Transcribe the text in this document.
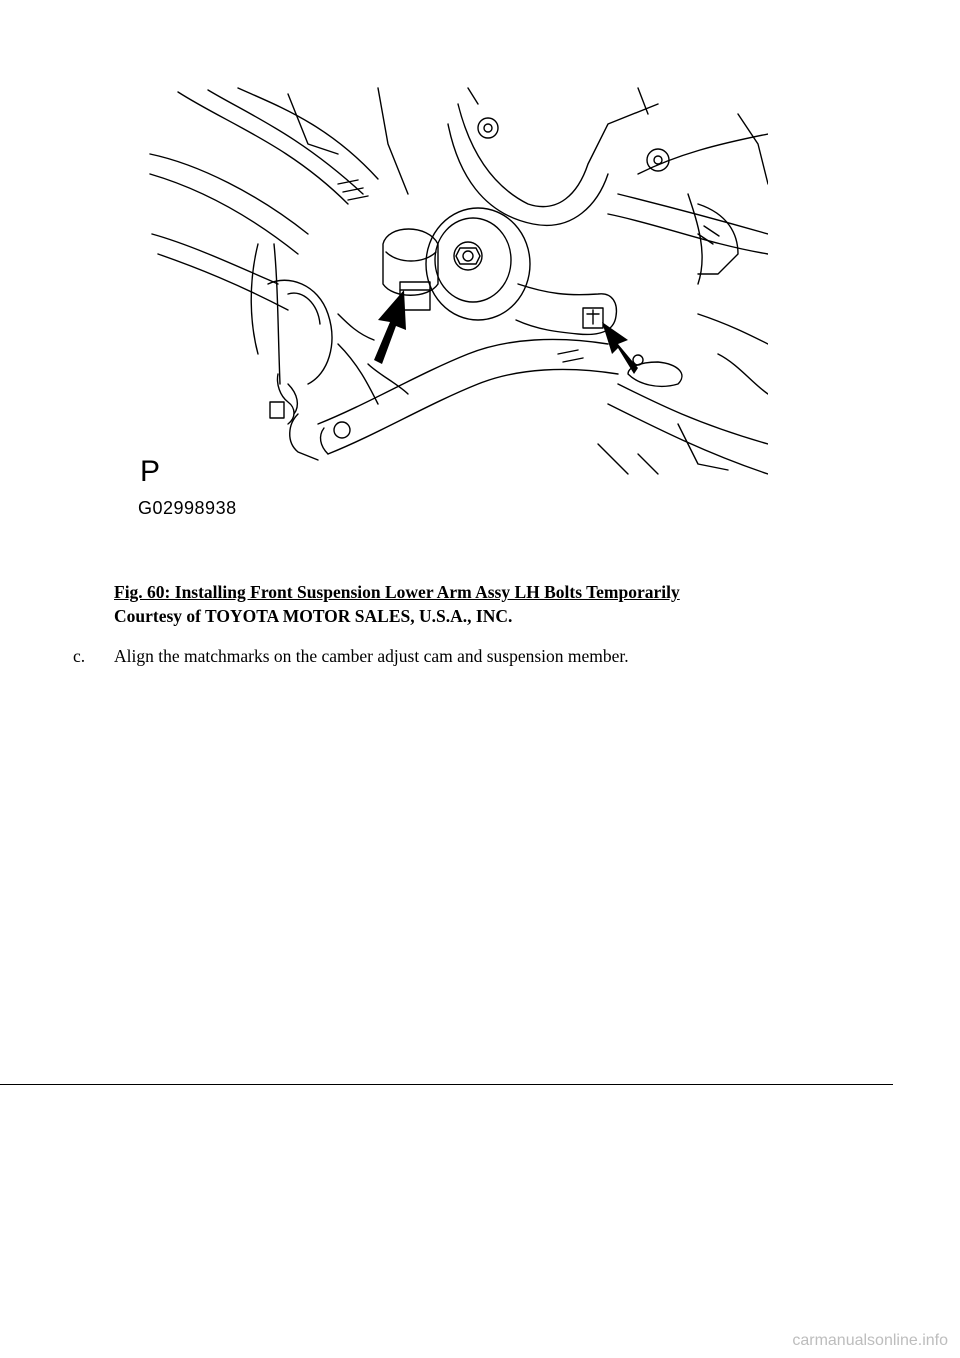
P
G02998938
Fig. 60: Installing Front Suspension Lower Arm Assy LH Bolts Temporarily
Courtesy of TOYOTA MOTOR SALES, U.S.A., INC.
c. Align the matchmarks on the camber adjust cam and suspension member.
carmanualsonline.info
